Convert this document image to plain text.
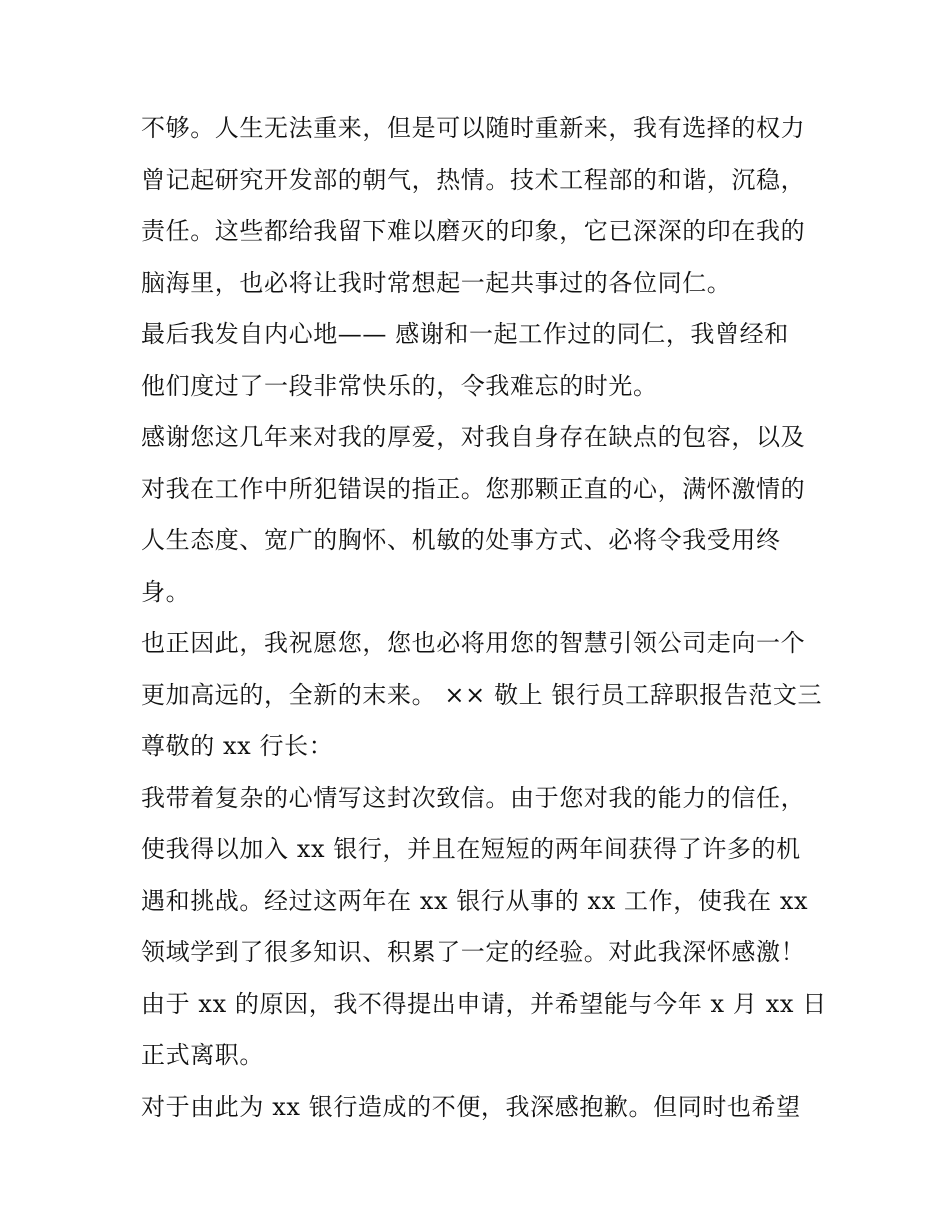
不够。人生无法重来，但是可以随时重新来，我有选择的权力
曾记起研究开发部的朝气，热情。技术工程部的和谐，沉稳，
责任。这些都给我留下难以磨灭的印象，它已深深的印在我的
脑海里，也必将让我时常想起一起共事过的各位同仁。
最后我发自内心地—— 感谢和一起工作过的同仁，我曾经和
他们度过了一段非常快乐的，令我难忘的时光。
感谢您这几年来对我的厚爱，对我自身存在缺点的包容，以及
对我在工作中所犯错误的指正。您那颗正直的心，满怀激情的
人生态度、宽广的胸怀、机敏的处事方式、必将令我受用终
身。
也正因此，我祝愿您，您也必将用您的智慧引领公司走向一个
更加高远的，全新的末来。 ×× 敬上 银行员工辞职报告范文三
尊敬的 xx 行长：
我带着复杂的心情写这封次致信。由于您对我的能力的信任，
使我得以加入 xx 银行，并且在短短的两年间获得了许多的机
遇和挑战。经过这两年在 xx 银行从事的 xx 工作，使我在 xx
领域学到了很多知识、积累了一定的经验。对此我深怀感激！
由于 xx 的原因，我不得提出申请，并希望能与今年 x 月 xx 日
正式离职。
对于由此为 xx 银行造成的不便，我深感抱歉。但同时也希望
